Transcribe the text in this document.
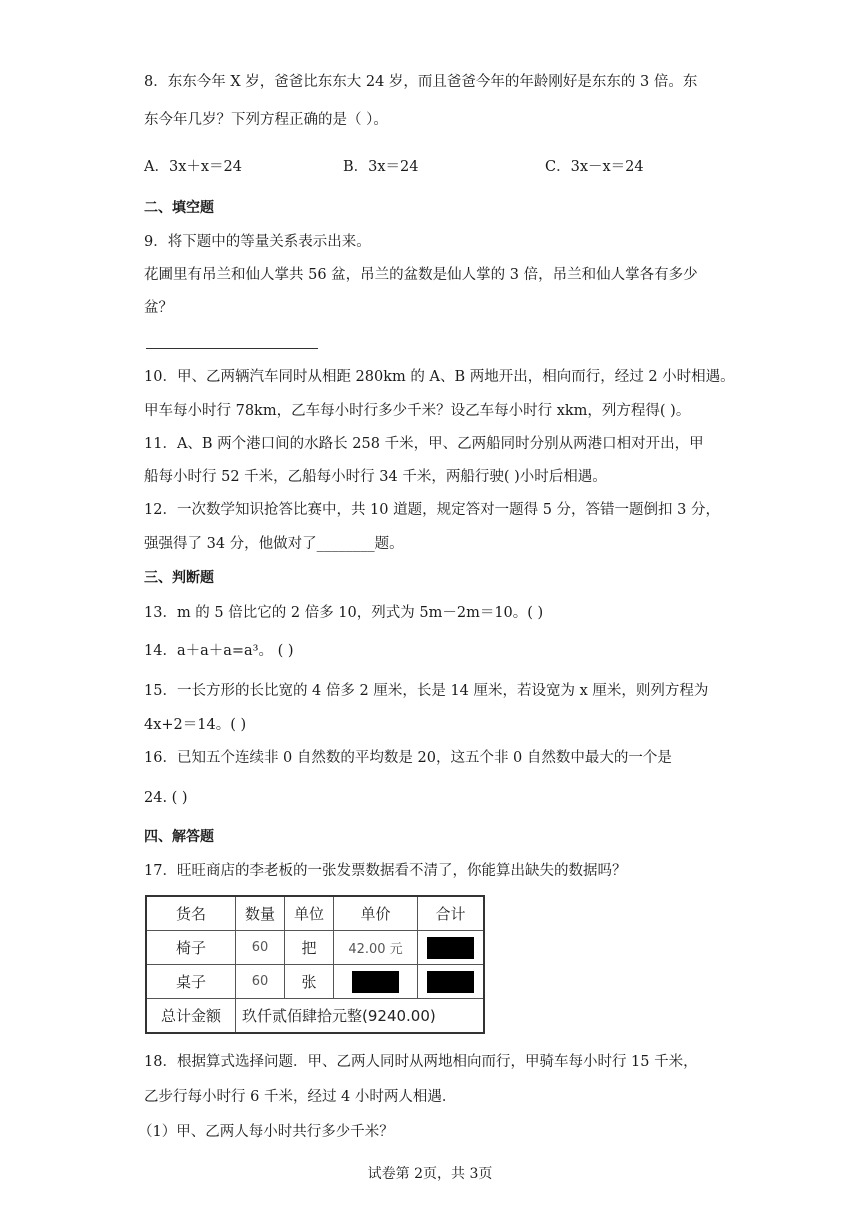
8．东东今年 X 岁，爸爸比东东大 24 岁，而且爸爸今年的年龄刚好是东东的 3 倍。东
东今年几岁？下列方程正确的是（ ）。
A．3x＋x＝24	B．3x＝24	C．3x－x＝24
二、填空题
9．将下题中的等量关系表示出来。
花圃里有吊兰和仙人掌共 56 盆，吊兰的盆数是仙人掌的 3 倍，吊兰和仙人掌各有多少
盆？
10．甲、乙两辆汽车同时从相距 280km 的 A、B 两地开出，相向而行，经过 2 小时相遇。
甲车每小时行 78km，乙车每小时行多少千米？设乙车每小时行 xkm，列方程得( )。
11．A、B 两个港口间的水路长 258 千米，甲、乙两船同时分别从两港口相对开出，甲
船每小时行 52 千米，乙船每小时行 34 千米，两船行驶( )小时后相遇。
12．一次数学知识抢答比赛中，共 10 道题，规定答对一题得 5 分，答错一题倒扣 3 分，
强强得了 34 分，他做对了________题。
三、判断题
13．m 的 5 倍比它的 2 倍多 10，列式为 5m－2m＝10。( )
14．a＋a＋a=a³。 ( )
15．一长方形的长比宽的 4 倍多 2 厘米，长是 14 厘米，若设宽为 x 厘米，则列方程为
4x+2＝14。( )
16．已知五个连续非 0 自然数的平均数是 20，这五个非 0 自然数中最大的一个是
24. ( )
四、解答题
17．旺旺商店的李老板的一张发票数据看不清了，你能算出缺失的数据吗？
货名	数量	单位	单价	合计
椅子	60	把	42.00 元	
桌子	60	张		
总计金额	玖仟贰佰肆拾元整(9240.00)			
18．根据算式选择问题．甲、乙两人同时从两地相向而行，甲骑车每小时行 15 千米，
乙步行每小时行 6 千米，经过 4 小时两人相遇．
（1）甲、乙两人每小时共行多少千米？
试卷第 2页，共 3页
